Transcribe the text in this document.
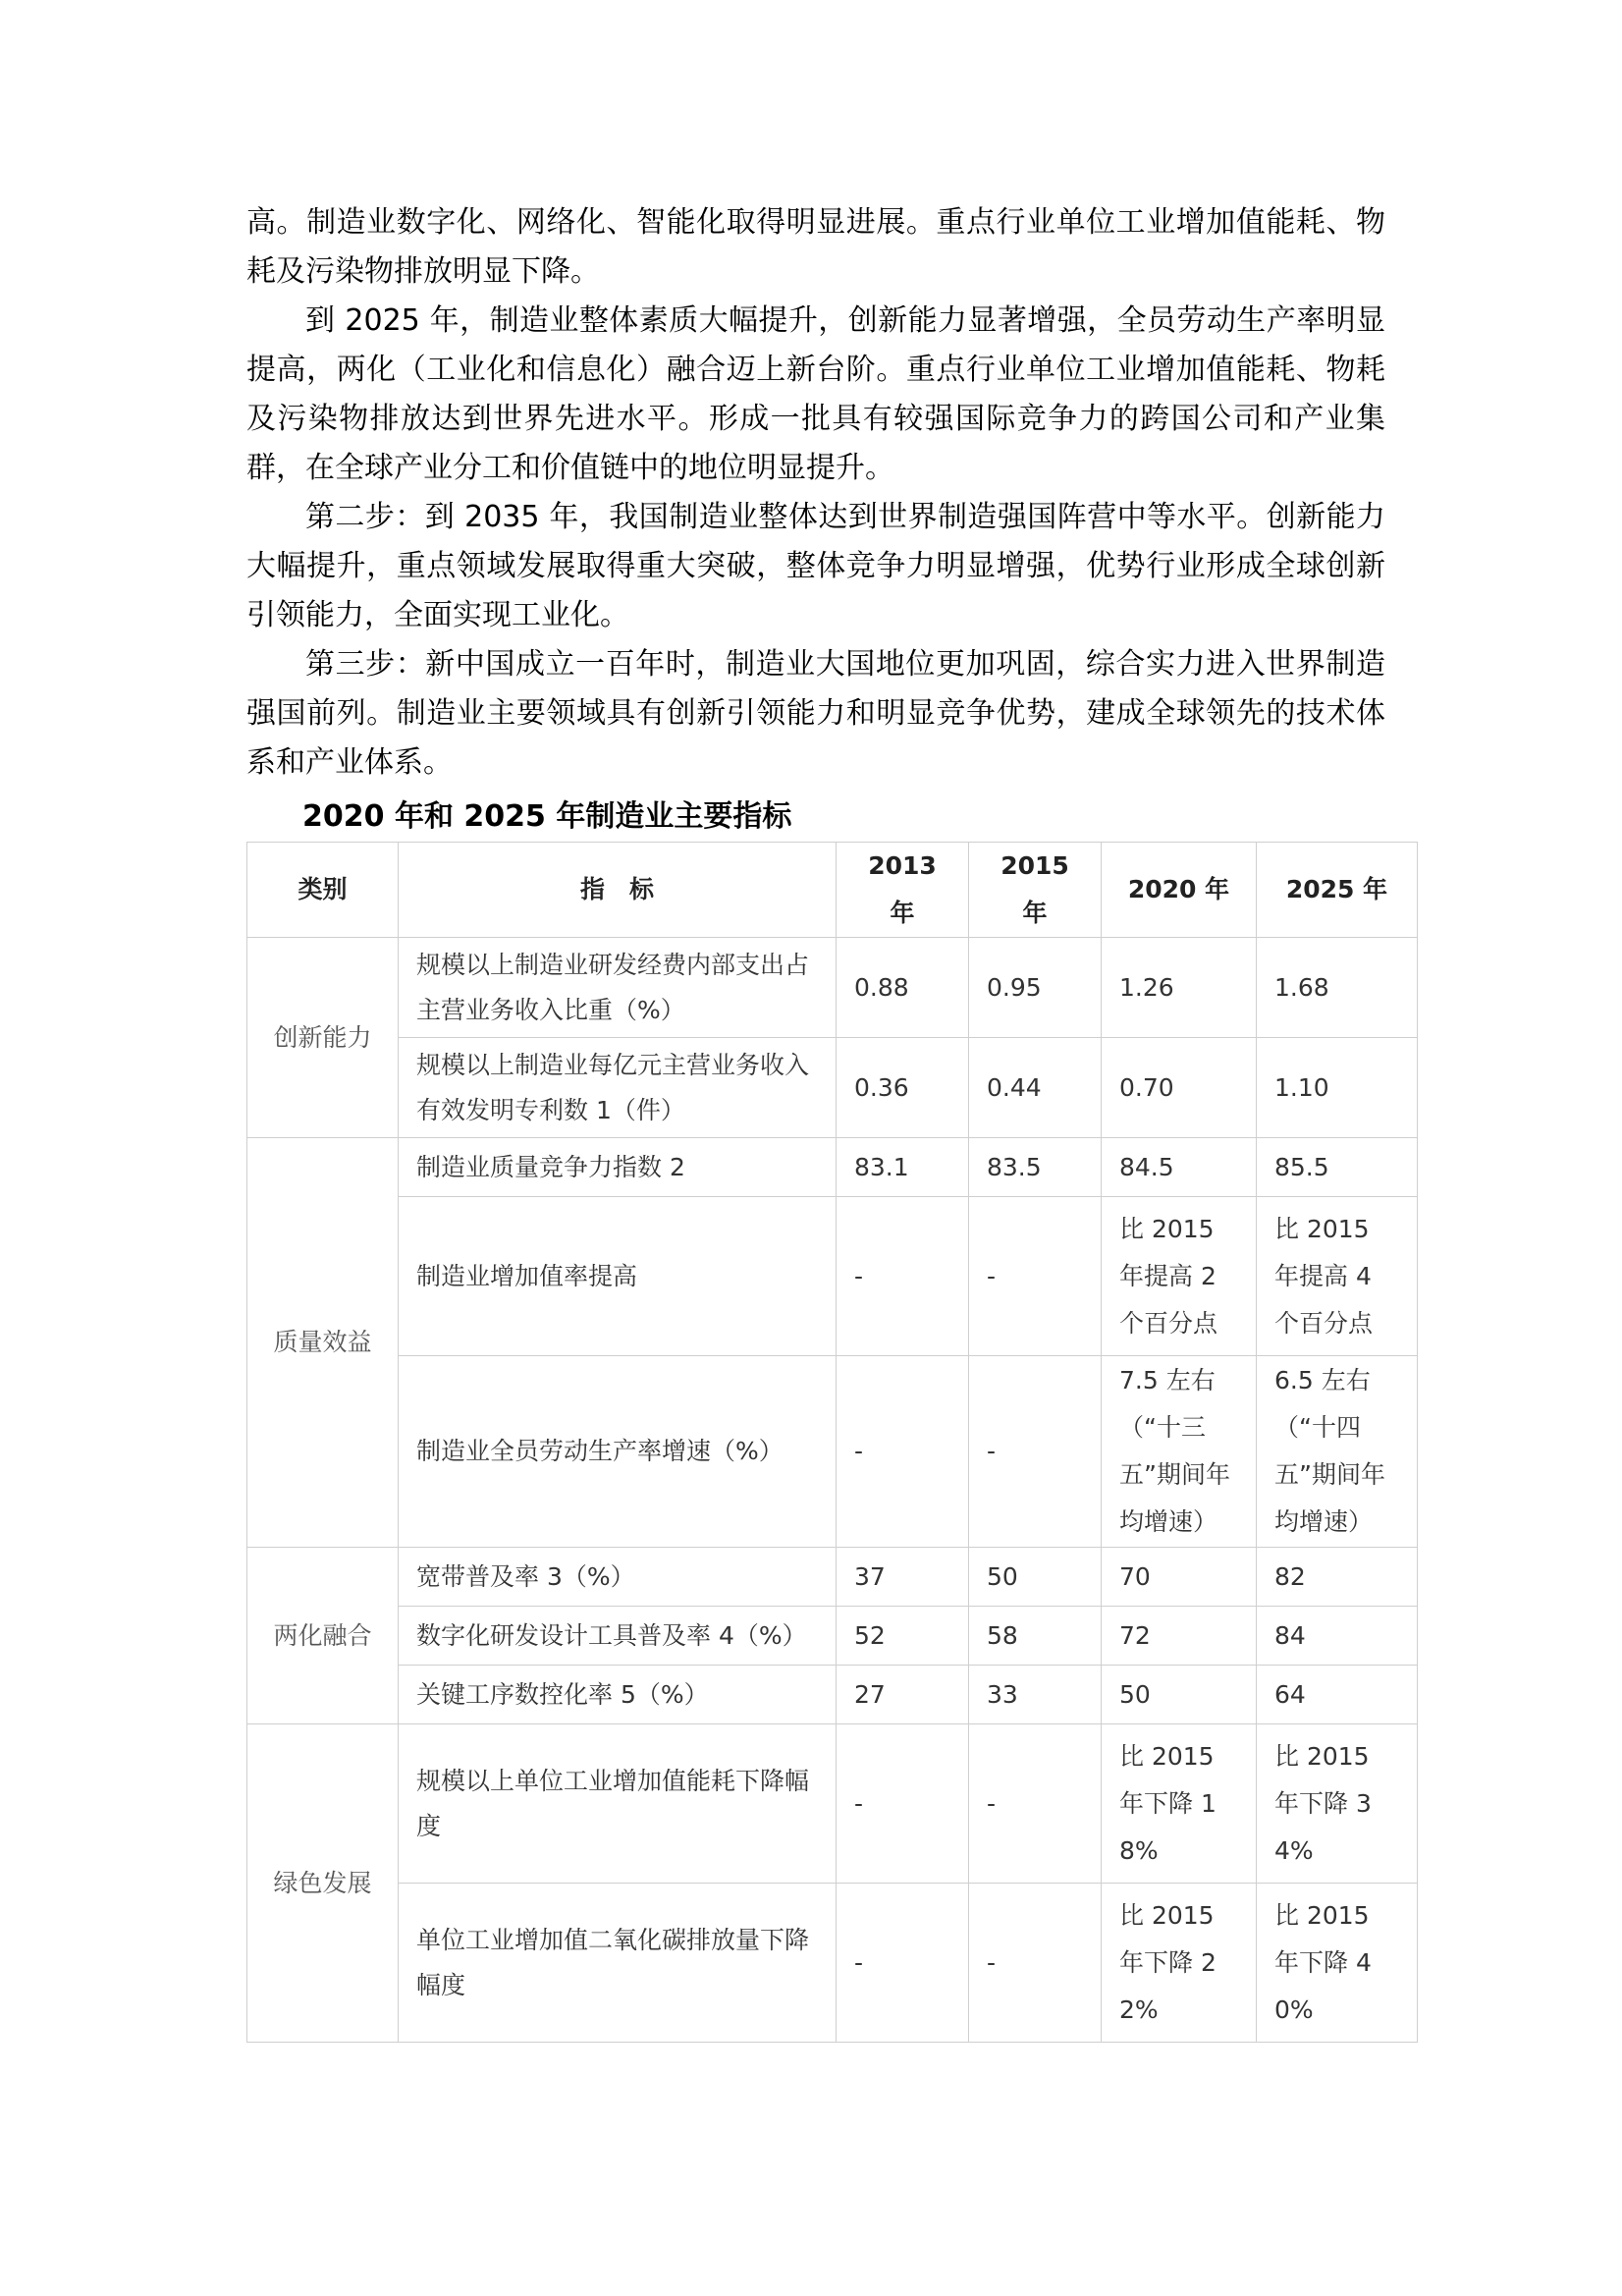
高。制造业数字化、网络化、智能化取得明显进展。重点行业单位工业增加值能耗、物耗及污染物排放明显下降。

到 2025 年，制造业整体素质大幅提升，创新能力显著增强，全员劳动生产率明显提高，两化（工业化和信息化）融合迈上新台阶。重点行业单位工业增加值能耗、物耗及污染物排放达到世界先进水平。形成一批具有较强国际竞争力的跨国公司和产业集群，在全球产业分工和价值链中的地位明显提升。

第二步：到 2035 年，我国制造业整体达到世界制造强国阵营中等水平。创新能力大幅提升，重点领域发展取得重大突破，整体竞争力明显增强，优势行业形成全球创新引领能力，全面实现工业化。

第三步：新中国成立一百年时，制造业大国地位更加巩固，综合实力进入世界制造强国前列。制造业主要领域具有创新引领能力和明显竞争优势，建成全球领先的技术体系和产业体系。

2020 年和 2025 年制造业主要指标

类别	指　标	2013 年	2015 年	2020 年	2025 年
创新能力	规模以上制造业研发经费内部支出占主营业务收入比重（%）	0.88	0.95	1.26	1.68
	规模以上制造业每亿元主营业务收入有效发明专利数 1（件）	0.36	0.44	0.70	1.10
质量效益	制造业质量竞争力指数 2	83.1	83.5	84.5	85.5
	制造业增加值率提高	-	-	比 2015 年提高 2 个百分点	比 2015 年提高 4 个百分点
	制造业全员劳动生产率增速（%）	-	-	7.5 左右（“十三五”期间年均增速）	6.5 左右（“十四五”期间年均增速）
两化融合	宽带普及率 3（%）	37	50	70	82
	数字化研发设计工具普及率 4（%）	52	58	72	84
	关键工序数控化率 5（%）	27	33	50	64
绿色发展	规模以上单位工业增加值能耗下降幅度	-	-	比 2015 年下降 18%	比 2015 年下降 34%
	单位工业增加值二氧化碳排放量下降幅度	-	-	比 2015 年下降 22%	比 2015 年下降 40%
